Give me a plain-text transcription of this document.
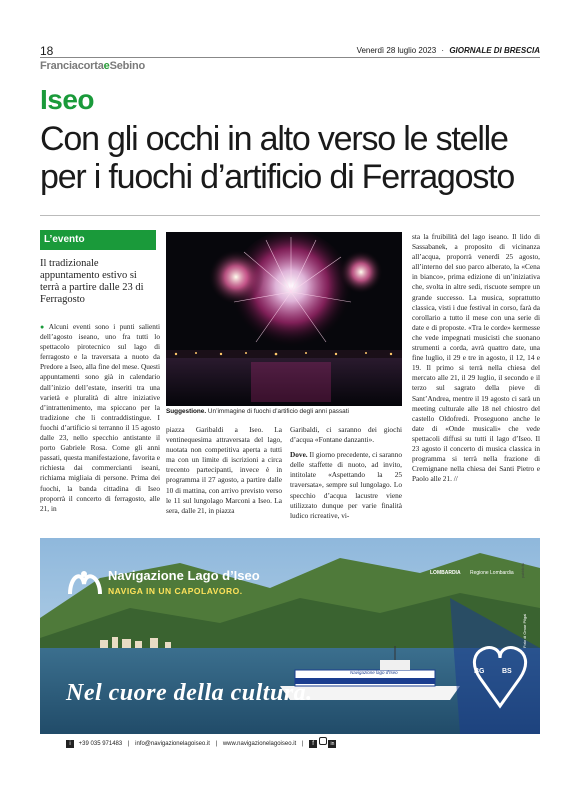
18	Venerdì 28 luglio 2023 · GIORNALE DI BRESCIA
FranciacortaeSebino
Iseo
Con gli occhi in alto verso le stelle per i fuochi d’artificio di Ferragosto
L’evento
Il tradizionale appuntamento estivo si terrà a partire dalle 23 di Ferragosto
● Alcuni eventi sono i punti salienti dell’agosto iseano, uno fra tutti lo spettacolo pirotecnico sul lago di ferragosto e la traversata a nuoto da Predore a Iseo, alla fine del mese. Questi appuntamenti sono già in calendario dall’inizio dell’estate, inseriti tra una varietà e pluralità di altre iniziative d’intrattenimento, ma spiccano per la tradizione che li contraddistingue. I fuochi d’artificio si terranno il 15 agosto dalle 23, nello specchio antistante il porto Gabriele Rosa. Come gli anni passati, questa manifestazione, favorita e richiesta dai commercianti iseani, richiama migliaia di persone. Prima dei fuochi, la banda cittadina di Iseo proporrà il concerto di ferragosto, alle 21, in
Suggestione. Un’immagine di fuochi d’artificio degli anni passati
piazza Garibaldi a Iseo. La ventinequesima attraversata del lago, nuotata non competitiva aperta a tutti ma con un limite di iscrizioni a circa trecento partecipanti, invece è in programma il 27 agosto, a partire dalle 10 di mattina, con arrivo previsto verso le 11 sul lungolago Marconi a Iseo. La sera, dalle 21, in piazza
Garibaldi, ci saranno dei giochi d’acqua «Fontane danzanti».
Dove. Il giorno precedente, ci saranno delle staffette di nuoto, ad invito, intitolate «Aspettando la 25 traversata», sempre sul lungolago. Lo specchio d’acqua lacustre viene utilizzato dunque per varie finalità ludico ricreative, vi-
sta la fruibilità del lago iseano. Il lido di Sassabanek, a proposito di vicinanza all’acqua, proporrà venerdì 25 agosto, all’interno del suo parco alberato, la «Cena in bianco», prima edizione di un’iniziativa che, svolta in altre sedi, riscuote sempre un grande successo. La musica, soprattutto classica, visti i due festival in corso, farà da corollario a tutto il mese con una serie di date e di proposte. «Tra le corde» kermesse che vede impegnati musicisti che suonano strumenti a corda, avrà quattro date, una fine luglio, il 29 e tre in agosto, il 12, 14 e 19. Il primo si terrà nella chiesa del mercato alle 21, il 29 luglio, il secondo e il terzo sul sagrato della pieve di Sant’Andrea, mentre il 19 agosto ci sarà un meeting culturale alle 18 nel chiostro del castello Oldofredi. Proseguono anche le date di «Onde musicali» che vede spettacoli diffusi su tutti il lago d’Iseo. Il 23 agosto il concerto di musica classica in programma si terrà nella frazione di Cremignane nella chiesa dei Santi Pietro e Paolo alle 21. //
Navigazione Lago d’Iseo
NAVIGA IN UN CAPOLAVORO.
LOMBARDIA Regione Lombardia
Foto di Omar Pilgai
pubblicità
Navigazione lago d'Iseo	BG	BS
Nel cuore della cultura.
i +39 035 971483 | info@navigazionelagoiseo.it | www.navigazionelagoiseo.it | f	in
